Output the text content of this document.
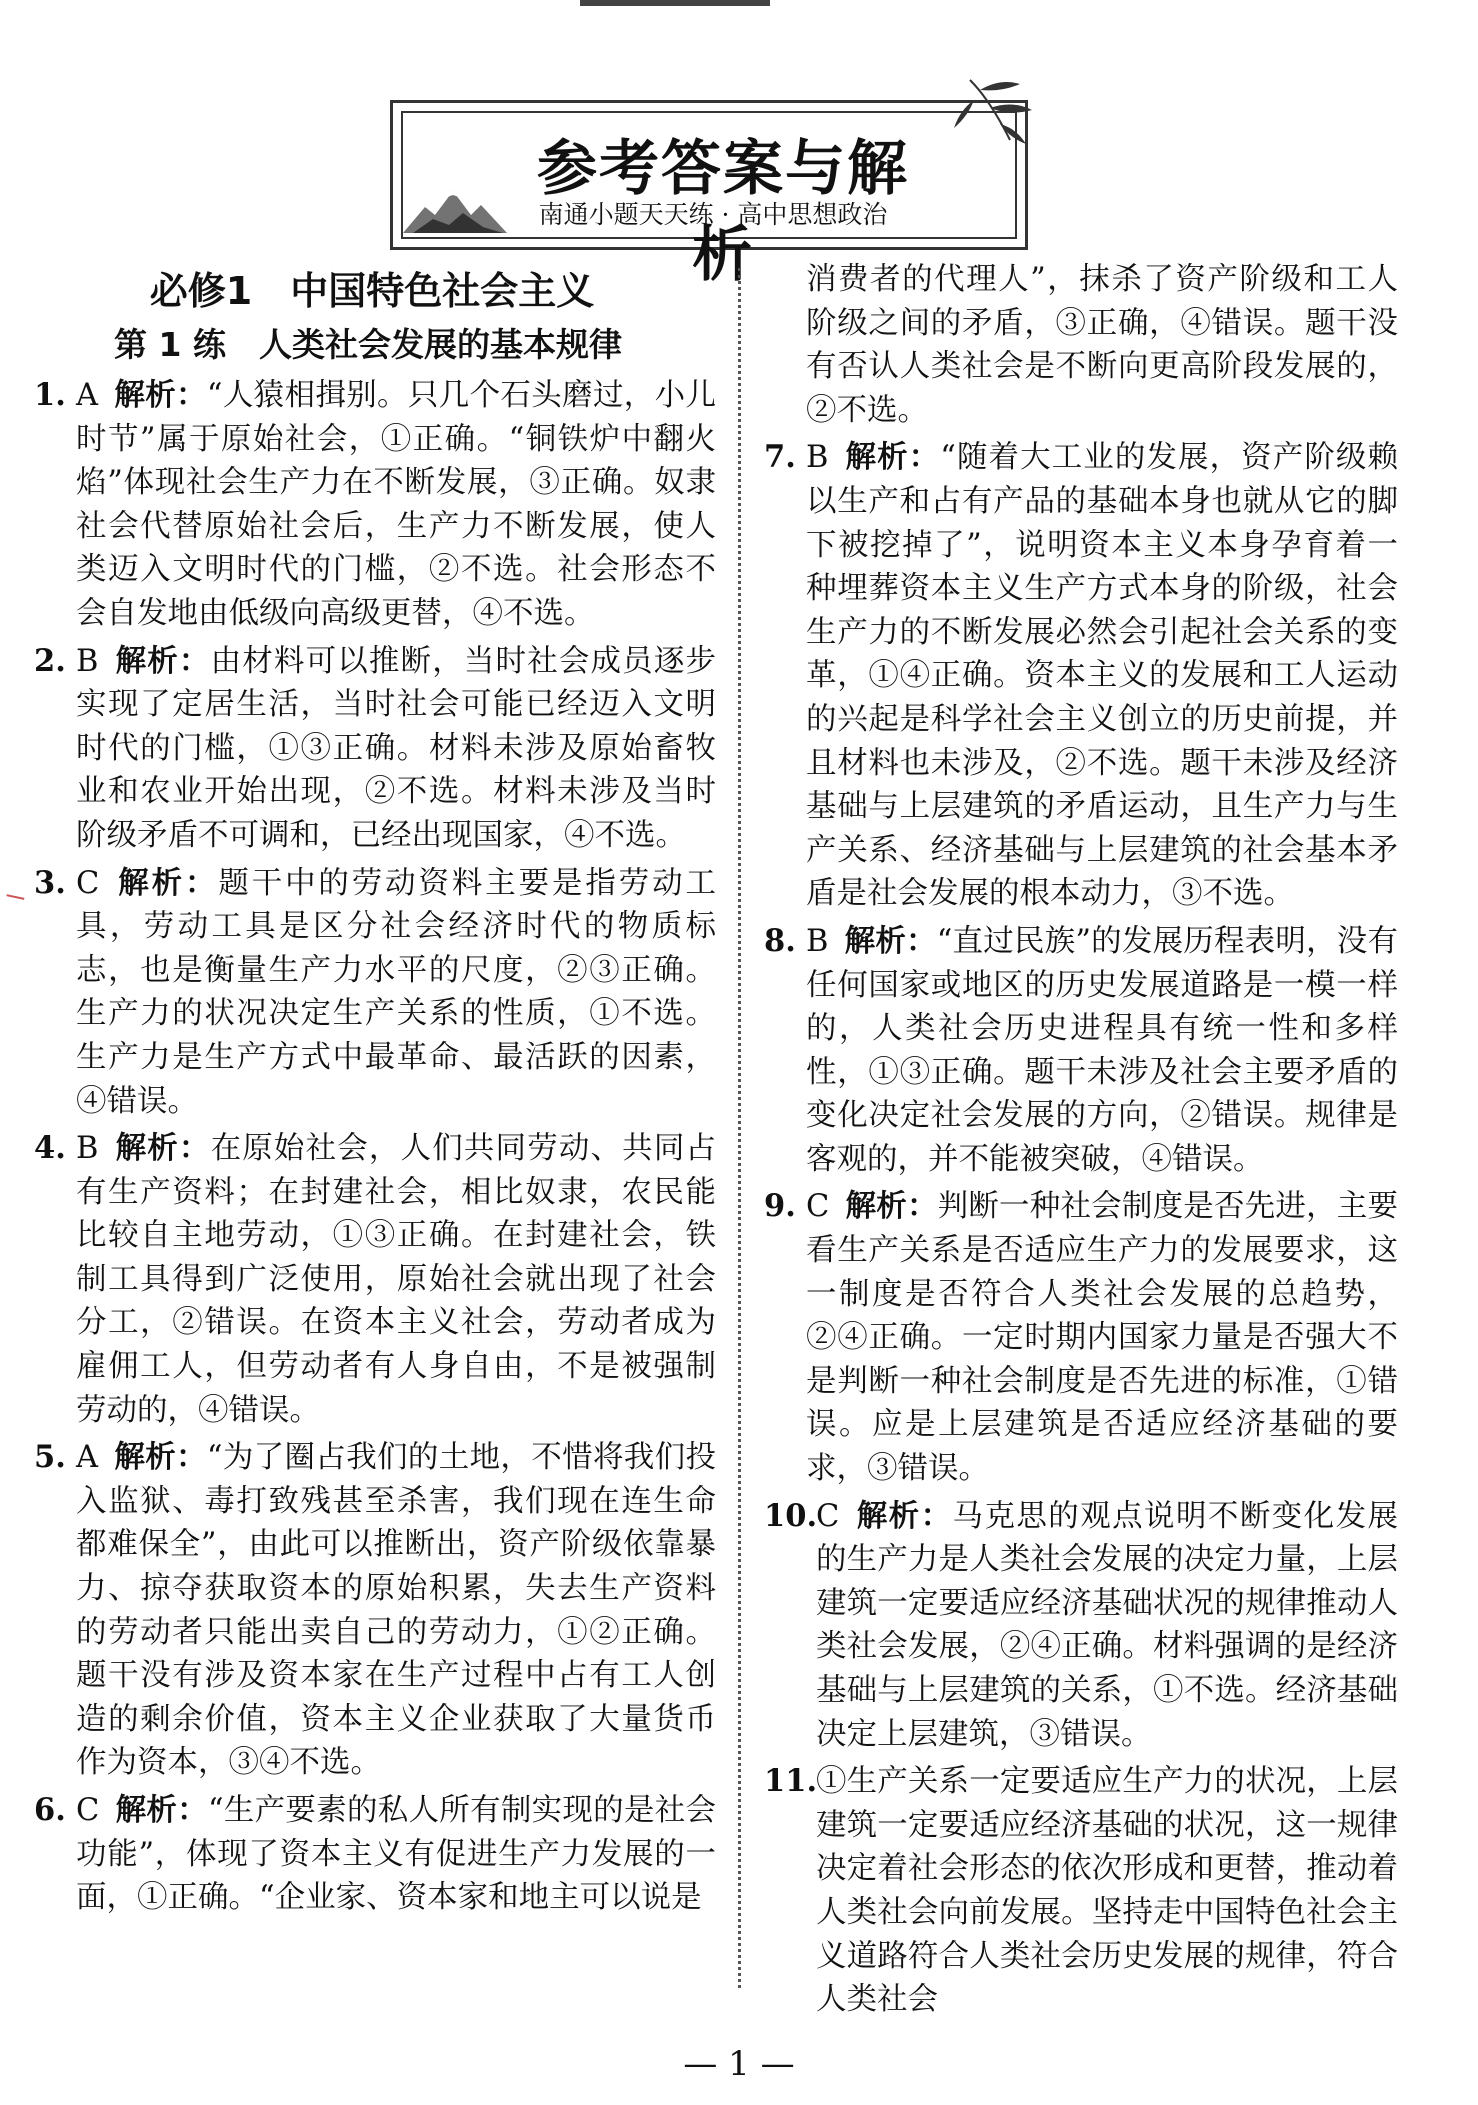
参考答案与解析
南通小题天天练 · 高中思想政治
必修1　中国特色社会主义
第 1 练　人类社会发展的基本规律
1. A 解析：“人猿相揖别。只几个石头磨过，小儿时节”属于原始社会，①正确。“铜铁炉中翻火焰”体现社会生产力在不断发展，③正确。奴隶社会代替原始社会后，生产力不断发展，使人类迈入文明时代的门槛，②不选。社会形态不会自发地由低级向高级更替，④不选。
2. B 解析：由材料可以推断，当时社会成员逐步实现了定居生活，当时社会可能已经迈入文明时代的门槛，①③正确。材料未涉及原始畜牧业和农业开始出现，②不选。材料未涉及当时阶级矛盾不可调和，已经出现国家，④不选。
3. C 解析：题干中的劳动资料主要是指劳动工具，劳动工具是区分社会经济时代的物质标志，也是衡量生产力水平的尺度，②③正确。生产力的状况决定生产关系的性质，①不选。生产力是生产方式中最革命、最活跃的因素，④错误。
4. B 解析：在原始社会，人们共同劳动、共同占有生产资料；在封建社会，相比奴隶，农民能比较自主地劳动，①③正确。在封建社会，铁制工具得到广泛使用，原始社会就出现了社会分工，②错误。在资本主义社会，劳动者成为雇佣工人，但劳动者有人身自由，不是被强制劳动的，④错误。
5. A 解析：“为了圈占我们的土地，不惜将我们投入监狱、毒打致残甚至杀害，我们现在连生命都难保全”，由此可以推断出，资产阶级依靠暴力、掠夺获取资本的原始积累，失去生产资料的劳动者只能出卖自己的劳动力，①②正确。题干没有涉及资本家在生产过程中占有工人创造的剩余价值，资本主义企业获取了大量货币作为资本，③④不选。
6. C 解析：“生产要素的私人所有制实现的是社会功能”，体现了资本主义有促进生产力发展的一面，①正确。“企业家、资本家和地主可以说是
消费者的代理人”，抹杀了资产阶级和工人阶级之间的矛盾，③正确，④错误。题干没有否认人类社会是不断向更高阶段发展的，②不选。
7. B 解析：“随着大工业的发展，资产阶级赖以生产和占有产品的基础本身也就从它的脚下被挖掉了”，说明资本主义本身孕育着一种埋葬资本主义生产方式本身的阶级，社会生产力的不断发展必然会引起社会关系的变革，①④正确。资本主义的发展和工人运动的兴起是科学社会主义创立的历史前提，并且材料也未涉及，②不选。题干未涉及经济基础与上层建筑的矛盾运动，且生产力与生产关系、经济基础与上层建筑的社会基本矛盾是社会发展的根本动力，③不选。
8. B 解析：“直过民族”的发展历程表明，没有任何国家或地区的历史发展道路是一模一样的，人类社会历史进程具有统一性和多样性，①③正确。题干未涉及社会主要矛盾的变化决定社会发展的方向，②错误。规律是客观的，并不能被突破，④错误。
9. C 解析：判断一种社会制度是否先进，主要看生产关系是否适应生产力的发展要求，这一制度是否符合人类社会发展的总趋势，②④正确。一定时期内国家力量是否强大不是判断一种社会制度是否先进的标准，①错误。应是上层建筑是否适应经济基础的要求，③错误。
10.
C 解析：马克思的观点说明不断变化发展的生产力是人类社会发展的决定力量，上层建筑一定要适应经济基础状况的规律推动人类社会发展，②④正确。材料强调的是经济基础与上层建筑的关系，①不选。经济基础决定上层建筑，③错误。
11.
①生产关系一定要适应生产力的状况，上层建筑一定要适应经济基础的状况，这一规律决定着社会形态的依次形成和更替，推动着人类社会向前发展。坚持走中国特色社会主义道路符合人类社会历史发展的规律，符合人类社会
— 1 —
